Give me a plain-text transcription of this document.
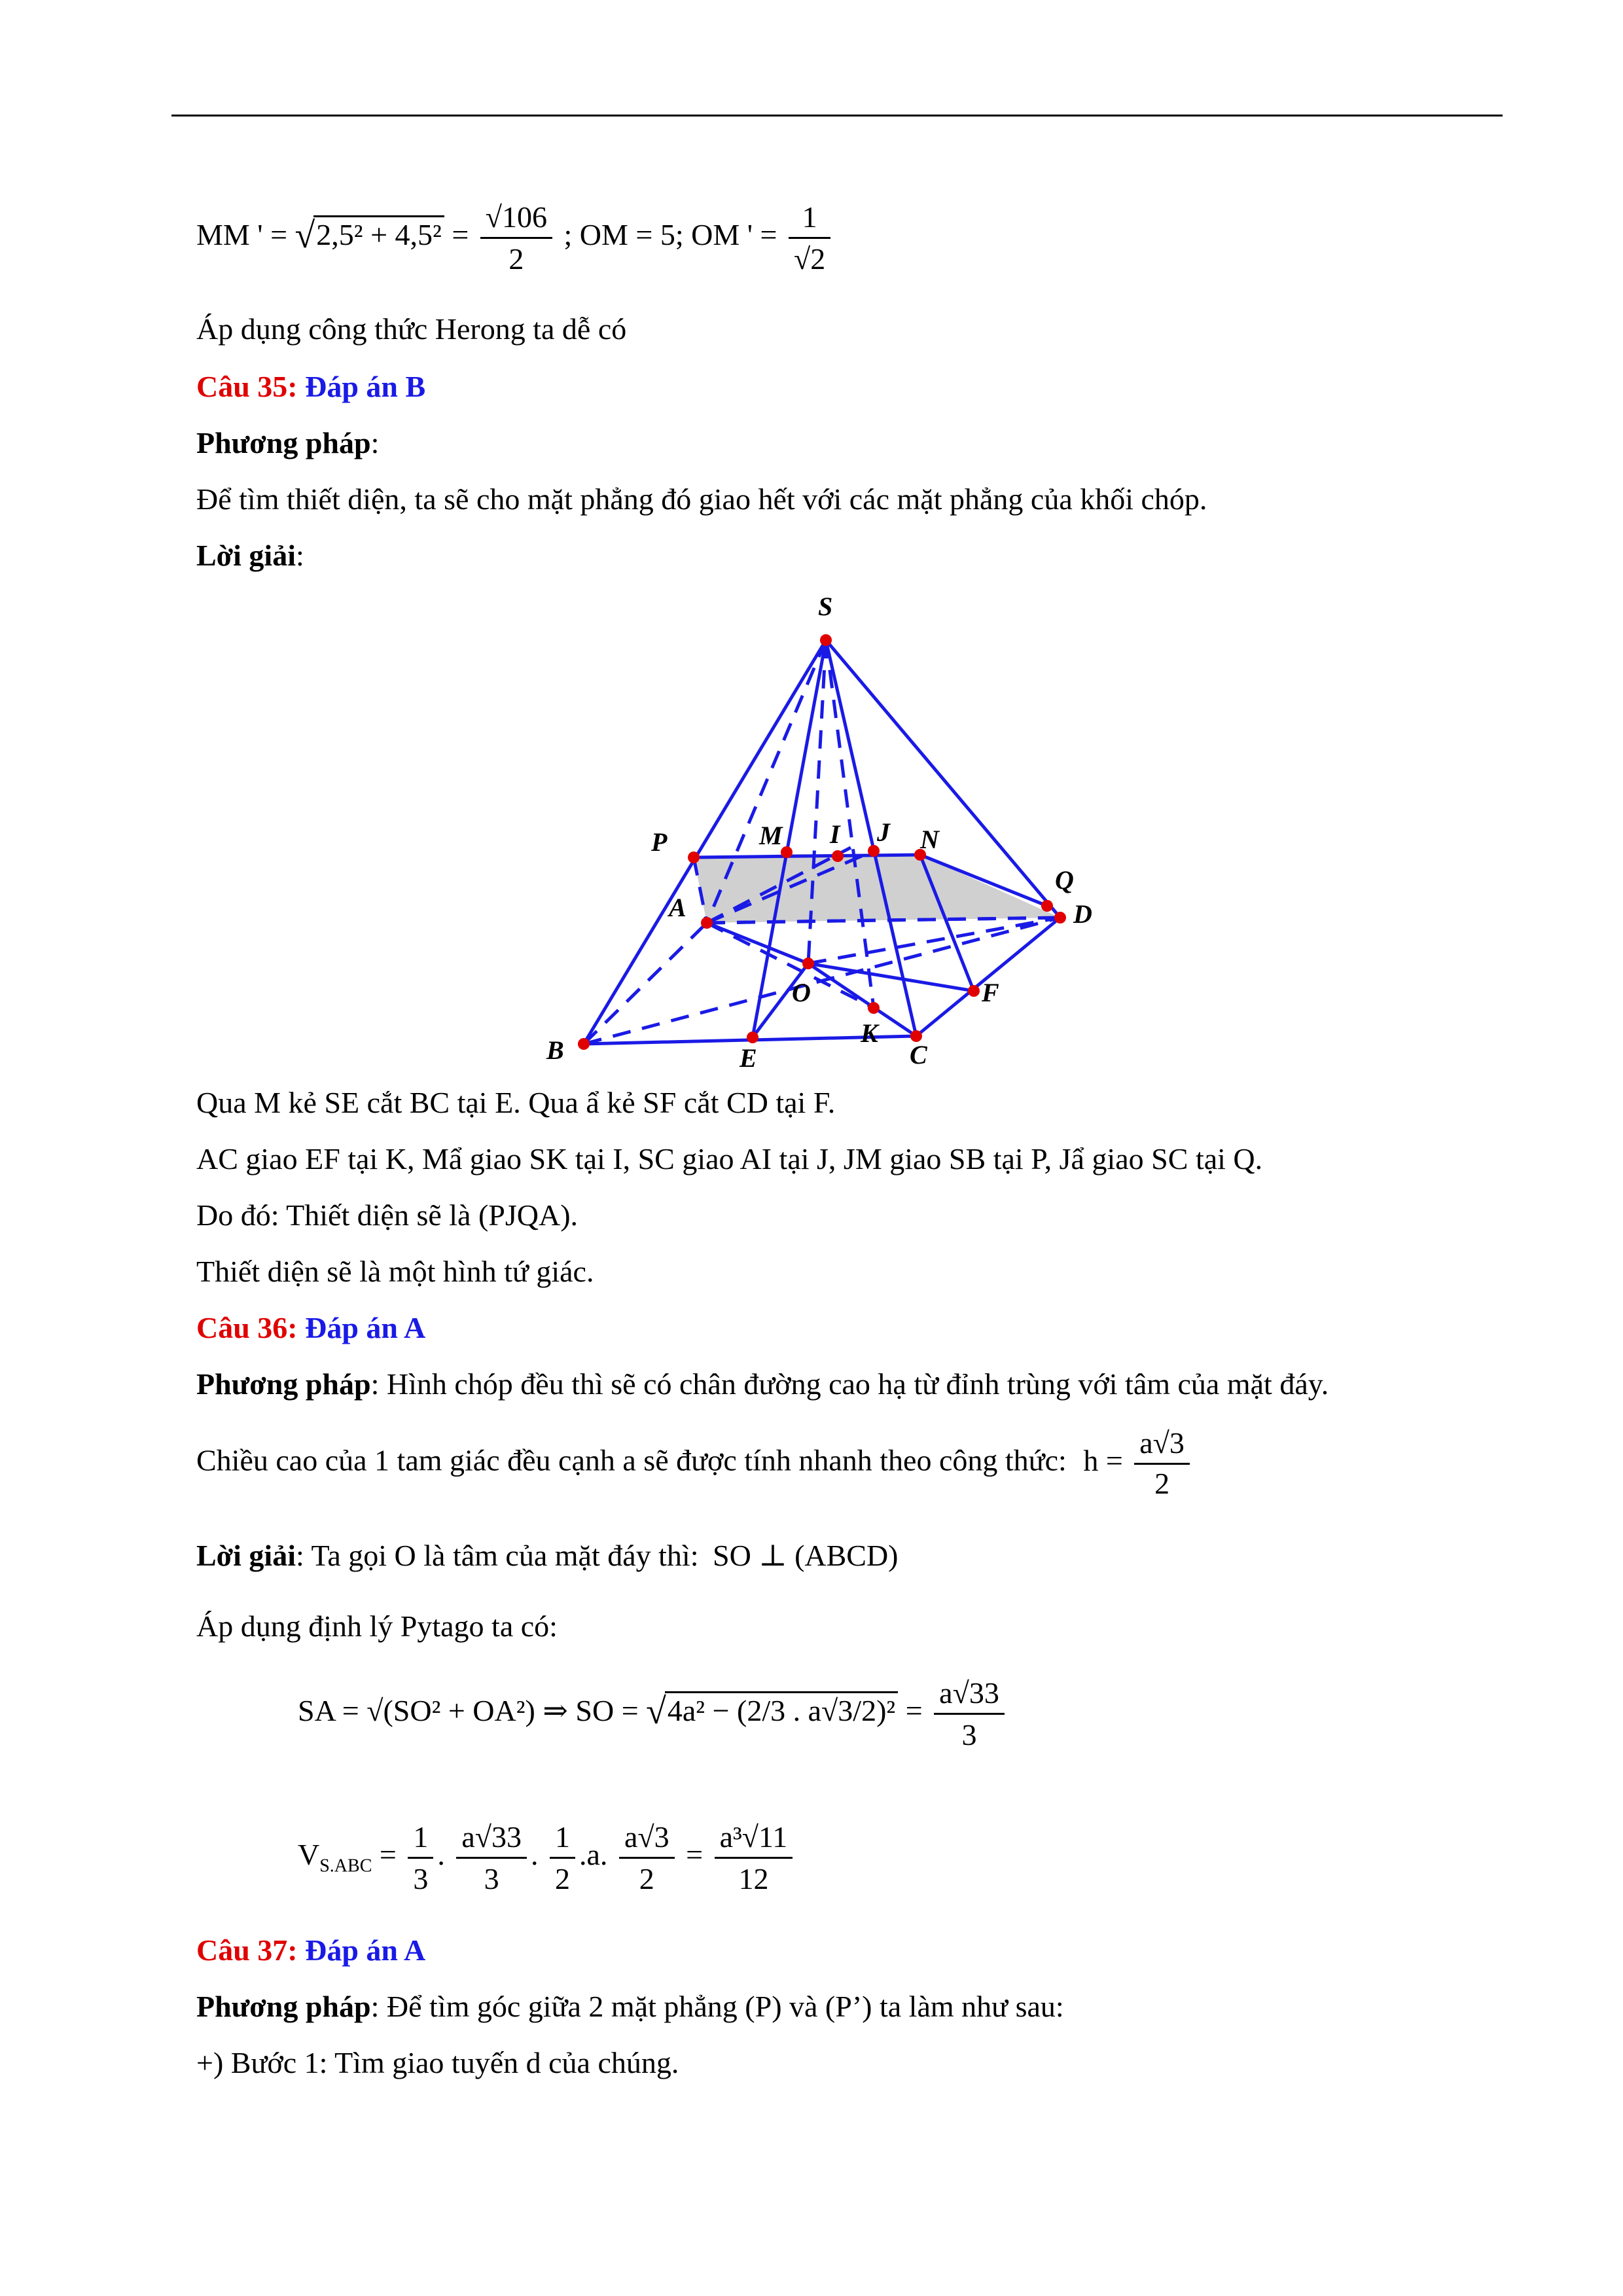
MM ' = $√2,5^2 + 4,5^2 = \frac{√106}{2}$ ; OM = 5; OM ' = $\frac{1}{√2}$
Áp dụng công thức Herong ta dễ có
Câu 35: Đáp án B
Phương pháp:
Để tìm thiết diện, ta sẽ cho mặt phẳng đó giao hết với các mặt phẳng của khối chóp.
Lời giải:
S
P	M I J N
Q
A	D
O	F
B	E
K
C
Qua M kẻ SE cắt BC tại E. Qua ẩ kẻ SF cắt CD tại F.
AC giao EF tại K, Mẩ giao SK tại I, SC giao AI tại J, JM giao SB tại P, Jẩ giao SC tại Q.
Do đó: Thiết diện sẽ là (PJQA).
Thiết diện sẽ là một hình tứ giác.
Câu 36: Đáp án A
Phương pháp: Hình chóp đều thì sẽ có chân đường cao hạ từ đỉnh trùng với tâm của mặt đáy.
Chiều cao của 1 tam giác đều cạnh a sẽ được tính nhanh theo công thức: $h = \frac{a√3}{2}$
Lời giải: Ta gọi O là tâm của mặt đáy thì: SO ⊥ (ABCD)
Áp dụng định lý Pytago ta có:
SA = √(SO² + OA²) ⇒ SO = √4a² − (2/3 . $a√3/2)^2 = \frac{a√33}{3}$
$V_{S.ABC} = \frac{1}{3}$ . $\frac{a√33}{3}$ . $\frac{1}{2} .a$. $\frac{a√3}{2} = \frac{\text{a³√11}}{12}$
Câu 37: Đáp án A
Phương pháp: Để tìm góc giữa 2 mặt phẳng (P) và (P’) ta làm như sau:
+) Bước 1: Tìm giao tuyến d của chúng.
